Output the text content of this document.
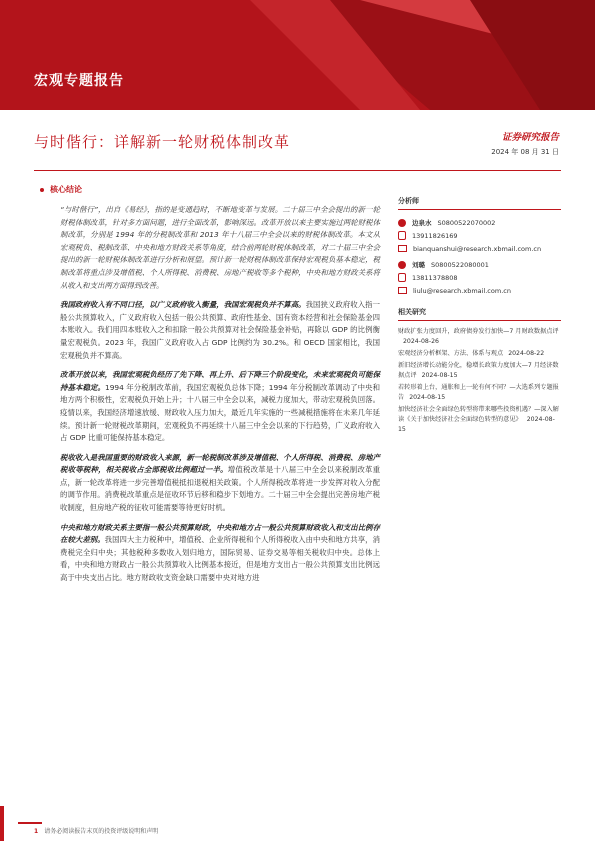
宏观专题报告
与时偕行：详解新一轮财税体制改革	证券研究报告
2024 年 08 月 31 日
核心结论

“与时偕行”，出自《易经》，指的是变通趋时，不断地变革与发展。二十届三中全会提出的新一轮财税体制改革，针对多方面问题，进行全面改革，影响深远。改革开放以来主要实施过两轮财税体制改革，分别是 1994 年的分税制改革和 2013 年十八届三中全会以来的财税体制改革。本文从宏观税负、税制改革、中央和地方财政关系等角度，结合前两轮财税体制改革，对二十届三中全会提出的新一轮财税体制改革进行分析和展望。预计新一轮财税体制改革保持宏观税负基本稳定，税制改革将重点涉及增值税、个人所得税、消费税、房地产税收等多个税种，中央和地方财政关系将从收入和支出两方面得到改善。

我国政府收入有不同口径，以广义政府收入衡量，我国宏观税负并不算高。我国狭义政府收入指一般公共预算收入，广义政府收入包括一般公共预算、政府性基金、国有资本经营和社会保险基金四本账收入。我们用四本账收入之和扣除一般公共预算对社会保险基金补贴，再除以 GDP 的比例衡量宏观税负。2023 年，我国广义政府收入占 GDP 比例约为 30.2%。和 OECD 国家相比，我国宏观税负并不算高。

改革开放以来，我国宏观税负经历了先下降、再上升、后下降三个阶段变化，未来宏观税负可能保持基本稳定。1994 年分税制改革前，我国宏观税负总体下降；1994 年分税制改革调动了中央和地方两个积极性，宏观税负开始上升；十八届三中全会以来，减税力度加大，带动宏观税负回落。疫情以来，我国经济增速放缓、财政收入压力加大，最近几年实施的一些减税措施将在未来几年延续。预计新一轮财税改革期间，宏观税负不再延续十八届三中全会以来的下行趋势，广义政府收入占 GDP 比重可能保持基本稳定。

税收收入是我国重要的财政收入来源，新一轮税制改革涉及增值税、个人所得税、消费税、房地产税收等税种，相关税收占全部税收比例超过一半。增值税改革是十八届三中全会以来税制改革重点，新一轮改革将进一步完善增值税抵扣退税相关政策。个人所得税改革将进一步发挥对收入分配的调节作用。消费税改革重点是征收环节后移和稳步下划地方。二十届三中全会提出完善房地产税收制度，但房地产税的征收可能需要等待更好时机。

中央和地方财政关系主要指一般公共预算财政，中央和地方占一般公共预算财政收入和支出比例存在较大差别。我国四大主力税种中，增值税、企业所得税和个人所得税收入由中央和地方共享，消费税完全归中央；其他税种多数收入划归地方，国际贸易、证券交易等相关税收归中央。总体上看，中央和地方财政占一般公共预算收入比例基本接近，但是地方支出占一般公共预算支出比例远高于中央支出占比。地方财政收支资金缺口需要中央对地方进

分析师
边泉水 S0800522070002
13911826169
bianquanshui@research.xbmail.com.cn
刘璐 S0800522080001
13811378808
liulu@research.xbmail.com.cn
相关研究
财政扩张力度回升，政府债券发行加快—7 月财政数据点评2024-08-26
宏观经济分析框架、方法、体系与观点 2024-08-22
新旧经济增长动能分化，稳增长政策力度加大—7 月经济数据点评 2024-08-15
若转形着上台，通胀和上一轮有何不同？—大选系列专题报告 2024-08-15
加快经济社会全面绿色转型将带来哪些投资机遇？—深入解读《关于加快经济社会全面绿色转型的意见》 2024-08-15
1 请务必阅读报告末页的投资评级说明和声明
